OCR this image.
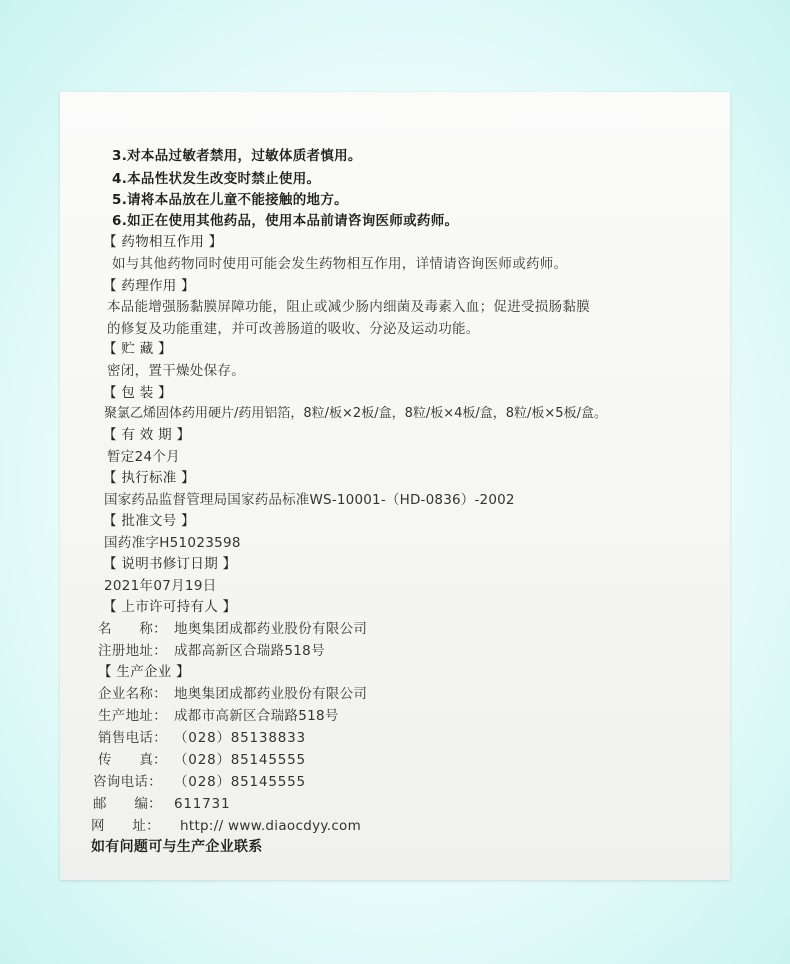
3.对本品过敏者禁用，过敏体质者慎用。
4.本品性状发生改变时禁止使用。
5.请将本品放在儿童不能接触的地方。
6.如正在使用其他药品，使用本品前请咨询医师或药师。
【 药物相互作用 】
如与其他药物同时使用可能会发生药物相互作用，详情请咨询医师或药师。
【 药理作用 】
本品能增强肠黏膜屏障功能，阻止或减少肠内细菌及毒素入血；促进受损肠黏膜
的修复及功能重建，并可改善肠道的吸收、分泌及运动功能。
【 贮 藏 】
密闭，置干燥处保存。
【 包 装 】
聚氯乙烯固体药用硬片/药用铝箔，8粒/板×2板/盒，8粒/板×4板/盒，8粒/板×5板/盒。
【 有 效 期 】
暂定24个月
【 执行标准 】
国家药品监督管理局国家药品标准WS-10001-（HD-0836）-2002
【 批准文号 】
国药准字H51023598
【 说明书修订日期 】
2021年07月19日
【 上市许可持有人 】
名      称： 地奥集团成都药业股份有限公司
注册地址： 成都高新区合瑞路518号
【 生产企业 】
企业名称： 地奥集团成都药业股份有限公司
生产地址： 成都市高新区合瑞路518号
销售电话： （028）85138833
传      真： （028）85145555
咨询电话： （028）85145555
邮      编： 611731
网      址： http:// www.diaocdyy.com
如有问题可与生产企业联系
